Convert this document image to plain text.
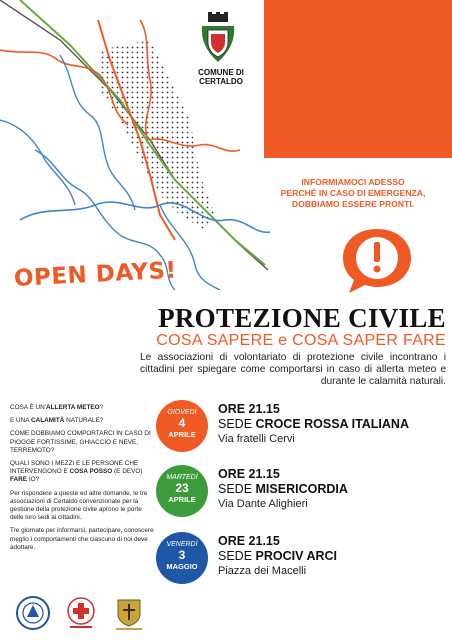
COMUNE DI
CERTALDO
INFORMIAMOCI ADESSO
PERCHÉ IN CASO DI EMERGENZA,
DOBBIAMO ESSERE PRONTI.
OPEN DAYS!
PROTEZIONE CIVILE
COSA SAPERE e COSA SAPER FARE
Le associazioni di volontariato di protezione civile incontrano i cittadini per spiegare come comportarsi in caso di allerta meteo e durante le calamità naturali.

COSA È UN'ALLERTA METEO?

E UNA CALAMITÀ NATURALE?

COME DOBBIAMO COMPORTARCI IN CASO DI PIOGGE FORTISSIME, GHIACCIO E NEVE, TERREMOTO?

QUALI SONO I MEZZI E LE PERSONE CHE INTERVENGONO E COSA POSSO (E DEVO) FARE IO?

Per rispondere a queste ed altre domande, le tre associazioni di Certaldo convenzionate per la gestione della protezione civile aprono le porte delle loro sedi ai cittadini.

Tre giornate per informarsi, partecipare, conoscere meglio i comportamenti che ciascuno di noi deve adottare.

GIOVEDÌ
4
APRILE
ORE 21.15
SEDE CROCE ROSSA ITALIANA
Via fratelli Cervi
MARTEDÌ
23
APRILE
ORE 21.15
SEDE MISERICORDIA
Via Dante Alighieri
VENERDÌ
3
MAGGIO
ORE 21.15
SEDE PROCIV ARCI
Piazza dei Macelli
